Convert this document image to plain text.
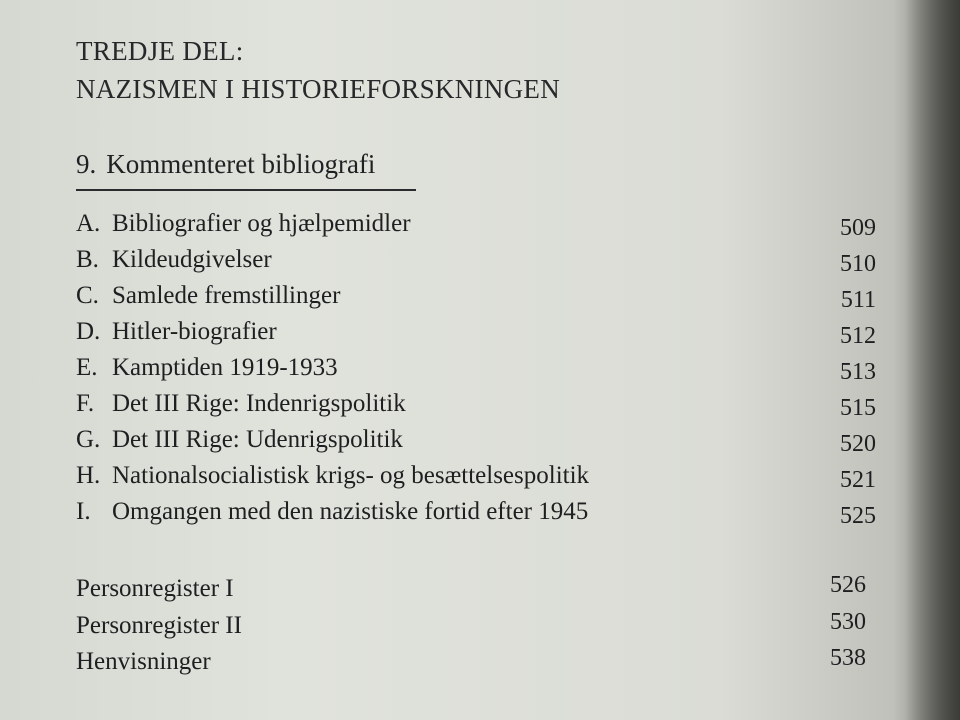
TREDJE DEL:
NAZISMEN I HISTORIEFORSKNINGEN
9. Kommenteret bibliografi
A. Bibliografier og hjælpemidler	509
B. Kildeudgivelser	510
C. Samlede fremstillinger	511
D. Hitler-biografier	512
E. Kamptiden 1919-1933	513
F. Det III Rige: Indenrigspolitik	515
G. Det III Rige: Udenrigspolitik	520
H. Nationalsocialistisk krigs- og besættelsespolitik	521
I. Omgangen med den nazistiske fortid efter 1945	525
Personregister I	526
Personregister II	530
Henvisninger	538
